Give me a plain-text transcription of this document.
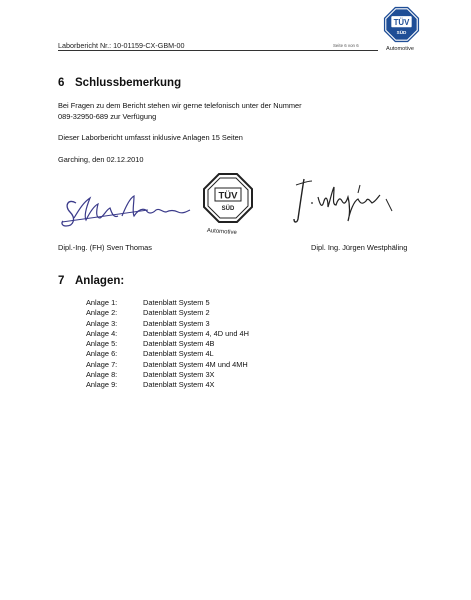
Laborbericht Nr.: 10-01159-CX-GBM-00	Seite 6 von 6
TÜV
SÜD
Automotive
6 Schlussbemerkung
Bei Fragen zu dem Bericht stehen wir gerne telefonisch unter der Nummer
089-32950-689 zur Verfügung
Dieser Laborbericht umfasst inklusive Anlagen 15 Seiten
Garching, den 02.12.2010
TÜV
SÜD
Automotive
Dipl.-Ing. (FH) Sven Thomas	Dipl. Ing. Jürgen Westphäling
7 Anlagen:
Anlage 1:	Datenblatt System 5
Anlage 2:	Datenblatt System 2
Anlage 3:	Datenblatt System 3
Anlage 4:	Datenblatt System 4, 4D und 4H
Anlage 5:	Datenblatt System 4B
Anlage 6:	Datenblatt System 4L
Anlage 7:	Datenblatt System 4M und 4MH
Anlage 8:	Datenblatt System 3X
Anlage 9:	Datenblatt System 4X
